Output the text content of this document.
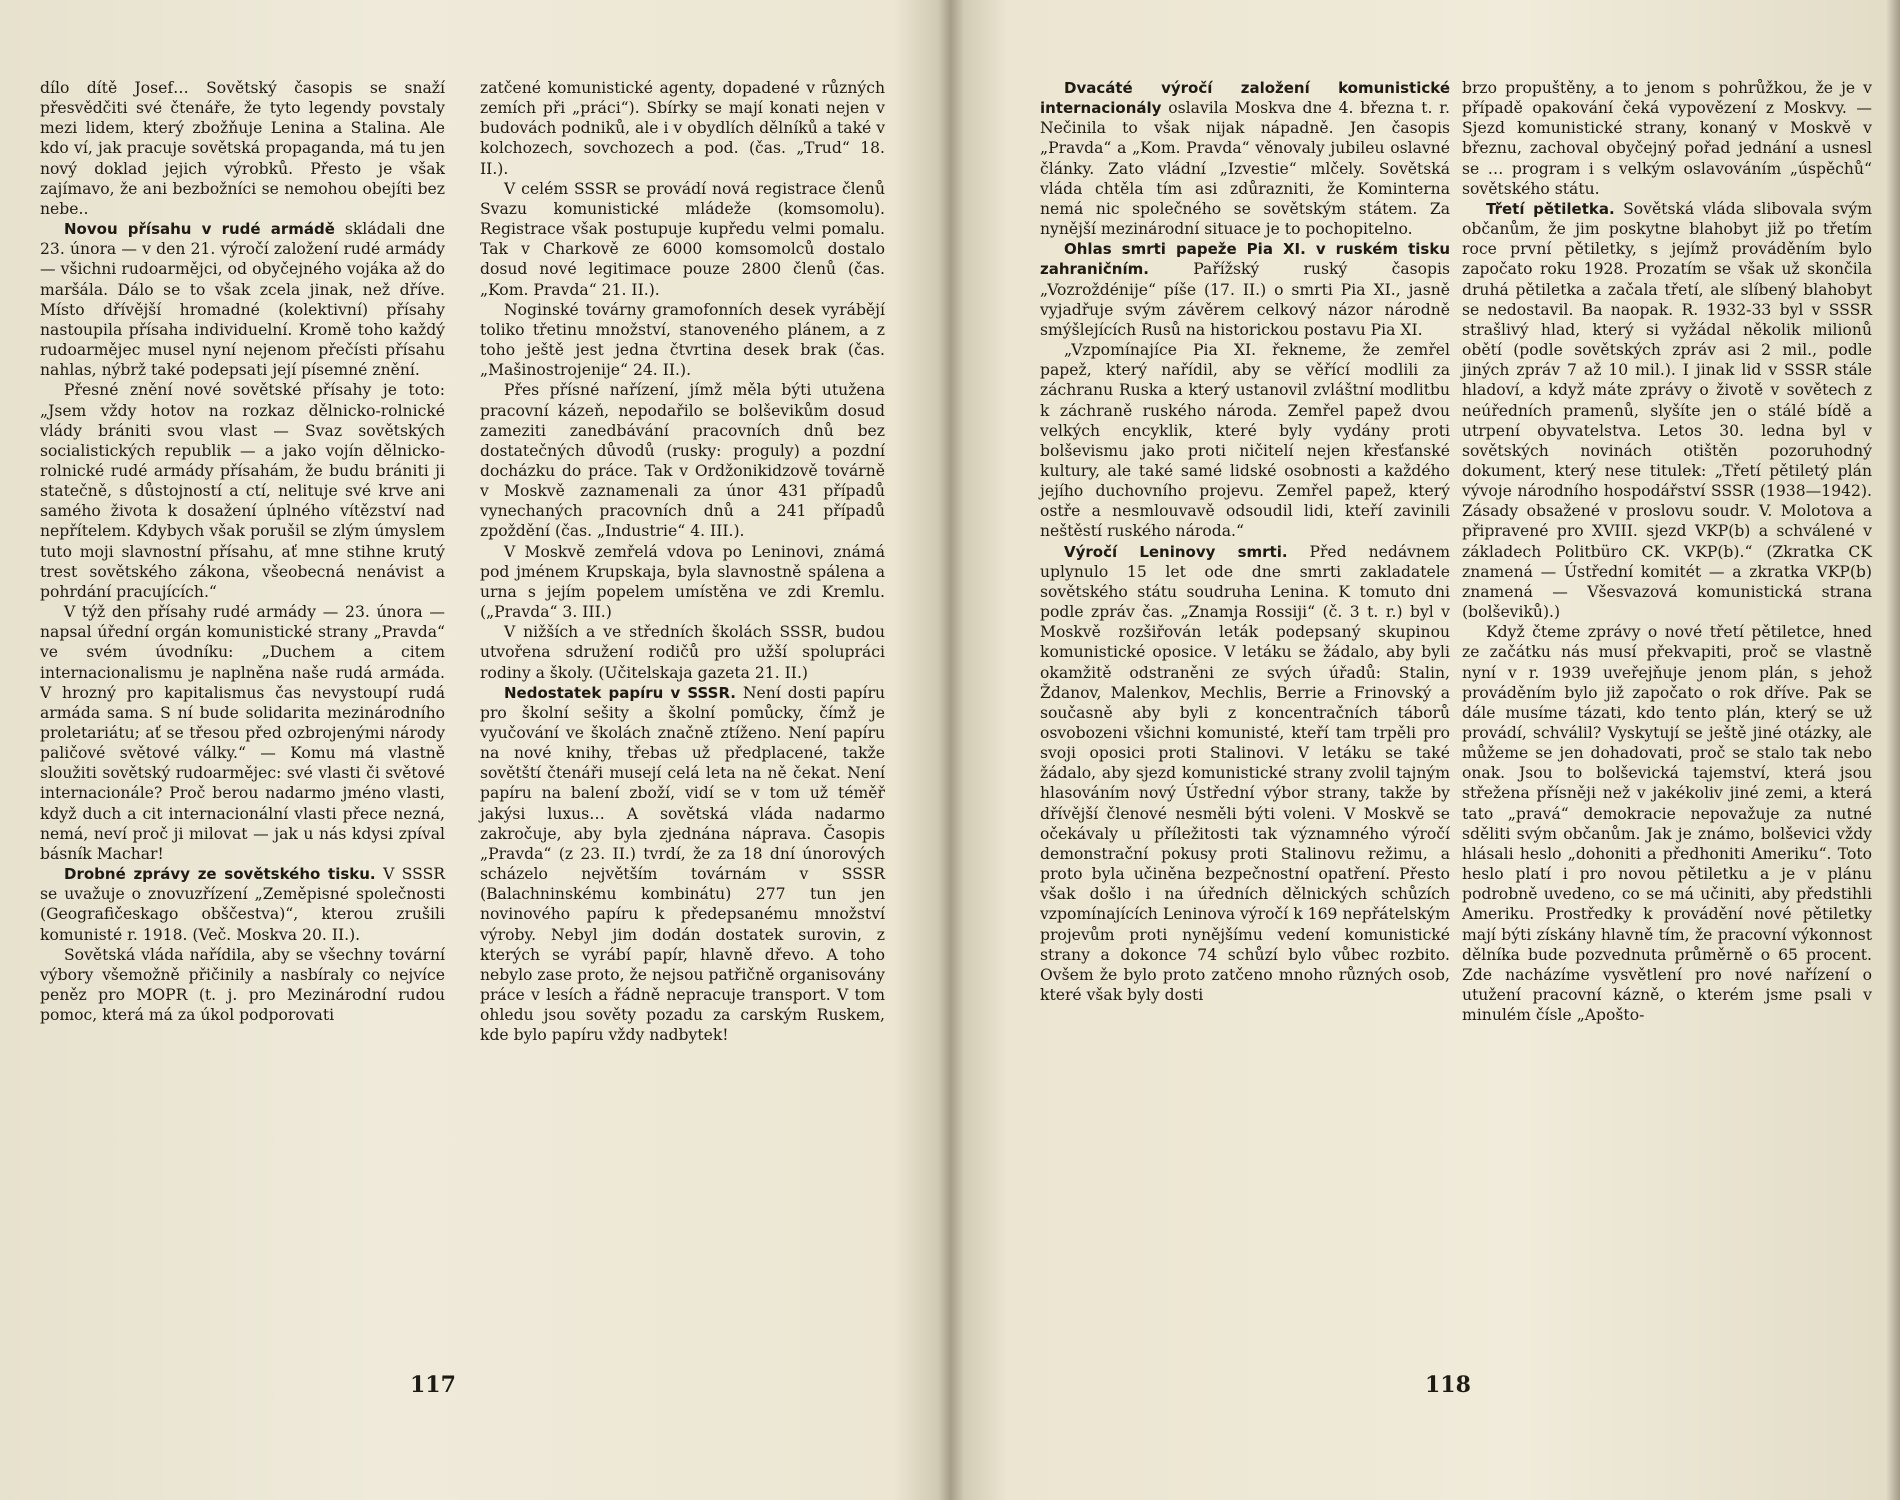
dílo dítě Josef… Sovětský časopis se snaží přesvědčiti své čtenáře, že tyto legendy povstaly mezi lidem, který zbožňuje Lenina a Stalina. Ale kdo ví, jak pracuje sovětská propaganda, má tu jen nový doklad jejich výrobků. Přesto je však zajímavo, že ani bezbožníci se nemohou obejíti bez nebe..

Novou přísahu v rudé armádě skládali dne 23. února — v den 21. výročí založení rudé armády — všichni rudoarmějci, od obyčejného vojáka až do maršála. Dálo se to však zcela jinak, než dříve. Místo dřívější hromadné (kolektivní) přísahy nastoupila přísaha individuelní. Kromě toho každý rudoarmějec musel nyní nejenom přečísti přísahu nahlas, nýbrž také podepsati její písemné znění.

Přesné znění nové sovětské přísahy je toto: „Jsem vždy hotov na rozkaz dělnicko-rolnické vlády brániti svou vlast — Svaz sovětských socialistických republik — a jako vojín dělnicko-rolnické rudé armády přísahám, že budu brániti ji statečně, s důstojností a ctí, nelituje své krve ani samého života k dosažení úplného vítězství nad nepřítelem. Kdybych však porušil se zlým úmyslem tuto moji slavnostní přísahu, ať mne stihne krutý trest sovětského zákona, všeobecná nenávist a pohrdání pracujících.“

V týž den přísahy rudé armády — 23. února — napsal úřední orgán komunistické strany „Pravda“ ve svém úvodníku: „Duchem a citem internacionalismu je naplněna naše rudá armáda. V hrozný pro kapitalismus čas nevystoupí rudá armáda sama. S ní bude solidarita mezinárodního proletariátu; ať se třesou před ozbrojenými národy paličové světové války.“ — Komu má vlastně sloužiti sovětský rudoarmějec: své vlasti či světové internacionále? Proč berou nadarmo jméno vlasti, když duch a cit internacionální vlasti přece nezná, nemá, neví proč ji milovat — jak u nás kdysi zpíval básník Machar!

Drobné zprávy ze sovětského tisku. V SSSR se uvažuje o znovuzřízení „Zeměpisné společnosti (Geografičeskago obščestva)“, kterou zrušili komunisté r. 1918. (Več. Moskva 20. II.).

Sovětská vláda nařídila, aby se všechny tovární výbory všemožně přičinily a nasbíraly co nejvíce peněz pro MOPR (t. j. pro Mezinárodní rudou pomoc, která má za úkol podporovati

zatčené komunistické agenty, dopadené v různých zemích při „práci“). Sbírky se mají konati nejen v budovách podniků, ale i v obydlích dělníků a také v kolchozech, sovchozech a pod. (čas. „Trud“ 18. II.).

V celém SSSR se provádí nová registrace členů Svazu komunistické mládeže (komsomolu). Registrace však postupuje kupředu velmi pomalu. Tak v Charkově ze 6000 komsomolců dostalo dosud nové legitimace pouze 2800 členů (čas. „Kom. Pravda“ 21. II.).

Noginské továrny gramofonních desek vyrábějí toliko třetinu množství, stanoveného plánem, a z toho ještě jest jedna čtvrtina desek brak (čas. „Mašinostrojenije“ 24. II.).

Přes přísné nařízení, jímž měla býti utužena pracovní kázeň, nepodařilo se bolševikům dosud zameziti zanedbávání pracovních dnů bez dostatečných důvodů (rusky: proguly) a pozdní docházku do práce. Tak v Ordžonikidzově továrně v Moskvě zaznamenali za únor 431 případů vynechaných pracovních dnů a 241 případů zpoždění (čas. „Industrie“ 4. III.).

V Moskvě zemřelá vdova po Leninovi, známá pod jménem Krupskaja, byla slavnostně spálena a urna s jejím popelem umístěna ve zdi Kremlu. („Pravda“ 3. III.)

V nižších a ve středních školách SSSR, budou utvořena sdružení rodičů pro užší spolupráci rodiny a školy. (Učitelskaja gazeta 21. II.)

Nedostatek papíru v SSSR. Není dosti papíru pro školní sešity a školní pomůcky, čímž je vyučování ve školách značně ztíženo. Není papíru na nové knihy, třebas už předplacené, takže sovětští čtenáři musejí celá leta na ně čekat. Není papíru na balení zboží, vidí se v tom už téměř jakýsi luxus… A sovětská vláda nadarmo zakročuje, aby byla zjednána náprava. Časopis „Pravda“ (z 23. II.) tvrdí, že za 18 dní únorových scházelo největším továrnám v SSSR (Balachninskému kombinátu) 277 tun jen novinového papíru k předepsanému množství výroby. Nebyl jim dodán dostatek surovin, z kterých se vyrábí papír, hlavně dřevo. A toho nebylo zase proto, že nejsou patřičně organisovány práce v lesích a řádně nepracuje transport. V tom ohledu jsou sověty pozadu za carským Ruskem, kde bylo papíru vždy nadbytek!

117

Dvacáté výročí založení komunistické internacionály oslavila Moskva dne 4. března t. r. Nečinila to však nijak nápadně. Jen časopis „Pravda“ a „Kom. Pravda“ věnovaly jubileu oslavné články. Zato vládní „Izvestie“ mlčely. Sovětská vláda chtěla tím asi zdůrazniti, že Kominterna nemá nic společného se sovětským státem. Za nynější mezinárodní situace je to pochopitelno.

Ohlas smrti papeže Pia XI. v ruském tisku zahraničním. Pařížský ruský časopis „Vozroždénije“ píše (17. II.) o smrti Pia XI., jasně vyjadřuje svým závěrem celkový názor národně smýšlejících Rusů na historickou postavu Pia XI.

„Vzpomínajíce Pia XI. řekneme, že zemřel papež, který nařídil, aby se věřící modlili za záchranu Ruska a který ustanovil zvláštní modlitbu k záchraně ruského národa. Zemřel papež dvou velkých encyklik, které byly vydány proti bolševismu jako proti ničitelí nejen křesťanské kultury, ale také samé lidské osobnosti a každého jejího duchovního projevu. Zemřel papež, který ostře a nesmlouvavě odsoudil lidi, kteří zavinili neštěstí ruského národa.“

Výročí Leninovy smrti. Před nedávnem uplynulo 15 let ode dne smrti zakladatele sovětského státu soudruha Lenina. K tomuto dni podle zpráv čas. „Znamja Rossiji“ (č. 3 t. r.) byl v Moskvě rozšiřován leták podepsaný skupinou komunistické oposice. V letáku se žádalo, aby byli okamžitě odstraněni ze svých úřadů: Stalin, Ždanov, Malenkov, Mechlis, Berrie a Frinovský a současně aby byli z koncentračních táborů osvobozeni všichni komunisté, kteří tam trpěli pro svoji oposici proti Stalinovi. V letáku se také žádalo, aby sjezd komunistické strany zvolil tajným hlasováním nový Ústřední výbor strany, takže by dřívější členové nesměli býti voleni. V Moskvě se očekávaly u příležitosti tak významného výročí demonstrační pokusy proti Stalinovu režimu, a proto byla učiněna bezpečnostní opatření. Přesto však došlo i na úředních dělnických schůzích vzpomínajících Leninova výročí k 169 nepřátelským projevům proti nynějšímu vedení komunistické strany a dokonce 74 schůzí bylo vůbec rozbito. Ovšem že bylo proto zatčeno mnoho různých osob, které však byly dosti

brzo propuštěny, a to jenom s pohrůžkou, že je v případě opakování čeká vypovězení z Moskvy. — Sjezd komunistické strany, konaný v Moskvě v březnu, zachoval obyčejný pořad jednání a usnesl se … program i s velkým oslavováním „úspěchů“ sovětského státu.

Třetí pětiletka. Sovětská vláda slibovala svým občanům, že jim poskytne blahobyt již po třetím roce první pětiletky, s jejímž prováděním bylo započato roku 1928. Prozatím se však už skončila druhá pětiletka a začala třetí, ale slíbený blahobyt se nedostavil. Ba naopak. R. 1932-33 byl v SSSR strašlivý hlad, který si vyžádal několik milionů obětí (podle sovětských zpráv asi 2 mil., podle jiných zpráv 7 až 10 mil.). I jinak lid v SSSR stále hladoví, a když máte zprávy o životě v sovětech z neúředních pramenů, slyšíte jen o stálé bídě a utrpení obyvatelstva. Letos 30. ledna byl v sovětských novinách otištěn pozoruhodný dokument, který nese titulek: „Třetí pětiletý plán vývoje národního hospodářství SSSR (1938—1942). Zásady obsažené v proslovu soudr. V. Molotova a připravené pro XVIII. sjezd VKP(b) a schválené v základech Politbüro CK. VKP(b).“ (Zkratka CK znamená — Ústřední komitét — a zkratka VKP(b) znamená — Všesvazová komunistická strana (bolševiků).)

Když čteme zprávy o nové třetí pětiletce, hned ze začátku nás musí překvapiti, proč se vlastně nyní v r. 1939 uveřejňuje jenom plán, s jehož prováděním bylo již započato o rok dříve. Pak se dále musíme tázati, kdo tento plán, který se už provádí, schválil? Vyskytují se ještě jiné otázky, ale můžeme se jen dohadovati, proč se stalo tak nebo onak. Jsou to bolševická tajemství, která jsou střežena přísněji než v jakékoliv jiné zemi, a která tato „pravá“ demokracie nepovažuje za nutné sděliti svým občanům. Jak je známo, bolševici vždy hlásali heslo „dohoniti a předhoniti Ameriku“. Toto heslo platí i pro novou pětiletku a je v plánu podrobně uvedeno, co se má učiniti, aby předstihli Ameriku. Prostředky k provádění nové pětiletky mají býti získány hlavně tím, že pracovní výkonnost dělníka bude pozvednuta průměrně o 65 procent. Zde nacházíme vysvětlení pro nové nařízení o utužení pracovní kázně, o kterém jsme psali v minulém čísle „Apošto-

118
